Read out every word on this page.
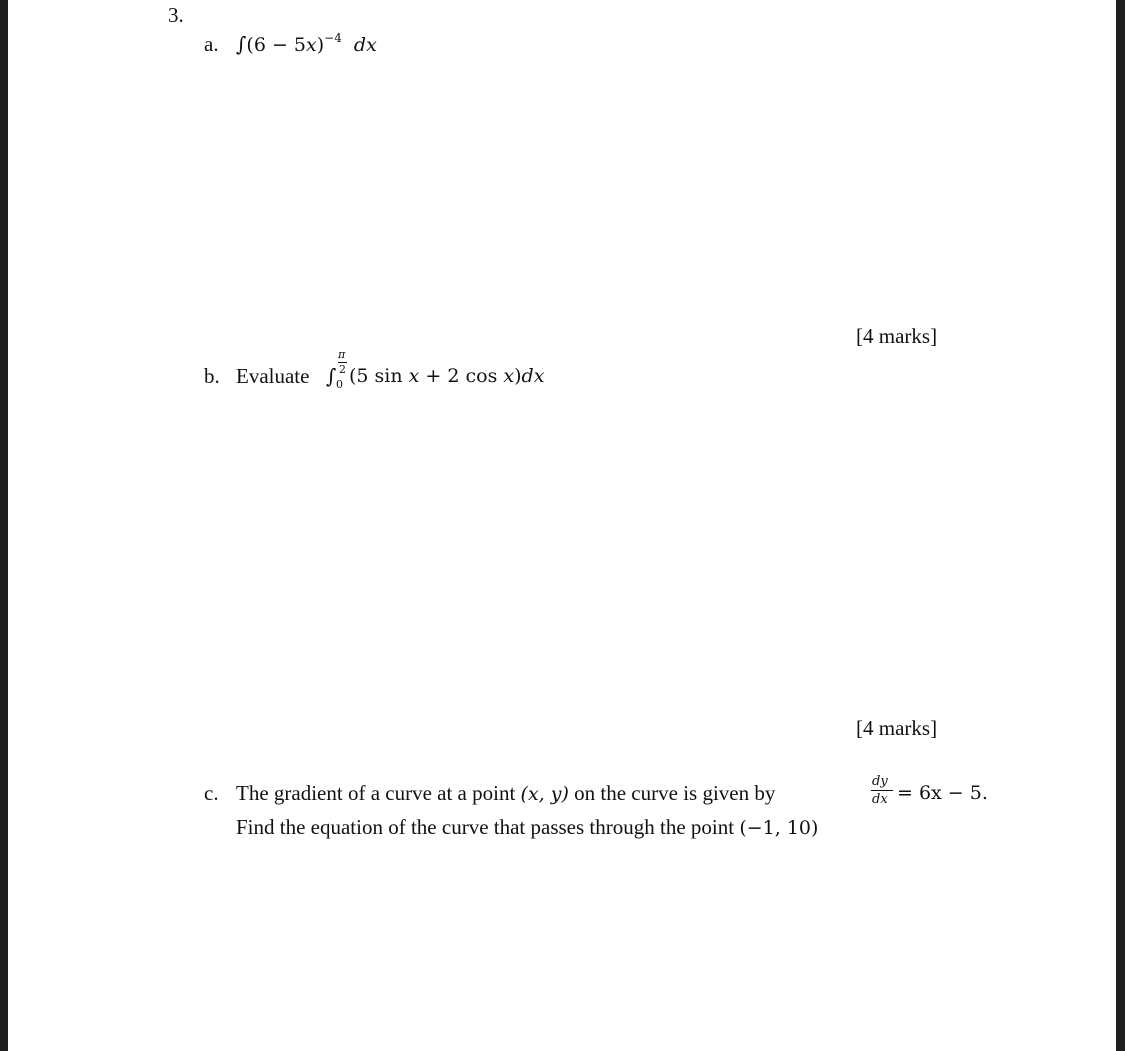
3.
a. $\int(6 - 5x)^{-4}$ dx
[4 marks]
b. Evaluate ∫
π
2
0 (5 sin x + 2 cos x)dx
[4 marks]
c. The gradient of a curve at a point (x, y) on the curve is given by	dy
dx = 6x − 5.
Find the equation of the curve that passes through the point (−1, 10)
